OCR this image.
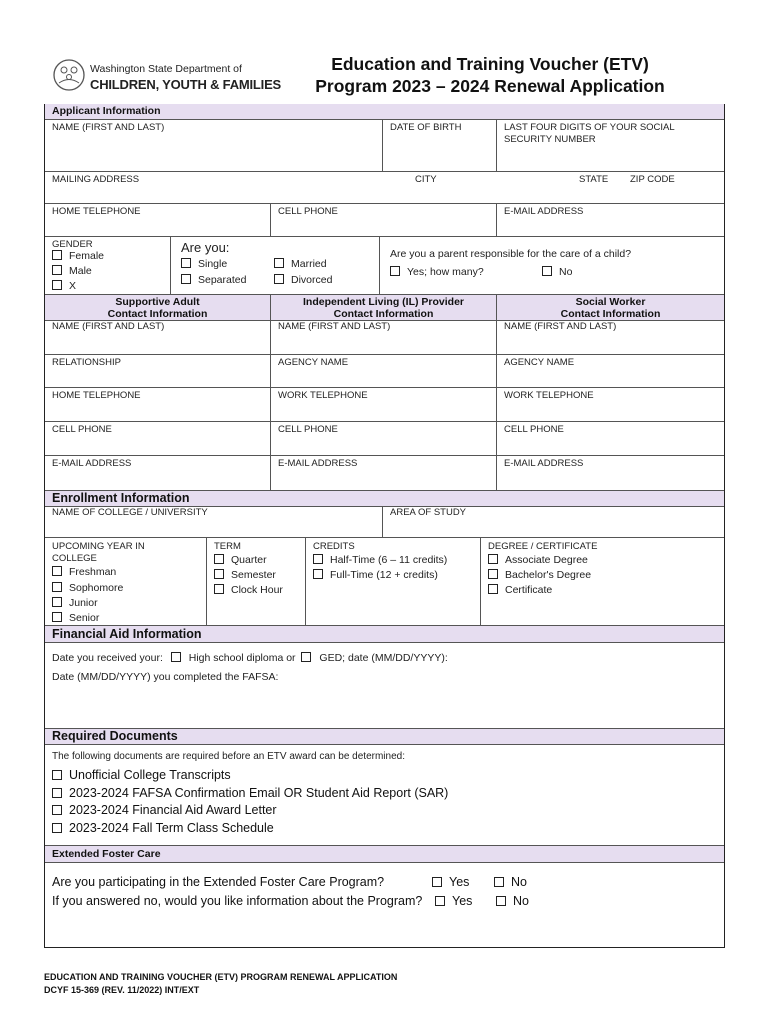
Washington State Department of
CHILDREN, YOUTH & FAMILIES
Education and Training Voucher (ETV)
Program 2023 – 2024 Renewal Application
Applicant Information
NAME (FIRST AND LAST)	DATE OF BIRTH	LAST FOUR DIGITS OF YOUR SOCIAL
SECURITY NUMBER
MAILING ADDRESS	CITY	STATE ZIP CODE
HOME TELEPHONE	CELL PHONE	E-MAIL ADDRESS
GENDER
Female
Male
X
Are you:
Single
Separated
Married
Divorced
Are you a parent responsible for the care of a child?
Yes; how many?	No
Supportive Adult
Contact Information
Independent Living (IL) Provider
Contact Information
Social Worker
Contact Information
NAME (FIRST AND LAST)	NAME (FIRST AND LAST)	NAME (FIRST AND LAST)
RELATIONSHIP	AGENCY NAME	AGENCY NAME
HOME TELEPHONE	WORK TELEPHONE	WORK TELEPHONE
CELL PHONE	CELL PHONE	CELL PHONE
E-MAIL ADDRESS	E-MAIL ADDRESS	E-MAIL ADDRESS
Enrollment Information
NAME OF COLLEGE / UNIVERSITY	AREA OF STUDY
UPCOMING YEAR IN
COLLEGE
Freshman
Sophomore
Junior
Senior
TERM
Quarter
Semester
Clock Hour
CREDITS
Half-Time (6 – 11 credits)
Full-Time (12 + credits)
DEGREE / CERTIFICATE
Associate Degree
Bachelor's Degree
Certificate
Financial Aid Information
Date you received your: High school diploma or GED; date (MM/DD/YYYY):
Date (MM/DD/YYYY) you completed the FAFSA:
Required Documents
The following documents are required before an ETV award can be determined:
Unofficial College Transcripts
2023-2024 FAFSA Confirmation Email OR Student Aid Report (SAR)
2023-2024 Financial Aid Award Letter
2023-2024 Fall Term Class Schedule
Extended Foster Care
Are you participating in the Extended Foster Care Program?	Yes	No
If you answered no, would you like information about the Program?	Yes	No
EDUCATION AND TRAINING VOUCHER (ETV) PROGRAM RENEWAL APPLICATION
DCYF 15-369 (REV. 11/2022) INT/EXT
